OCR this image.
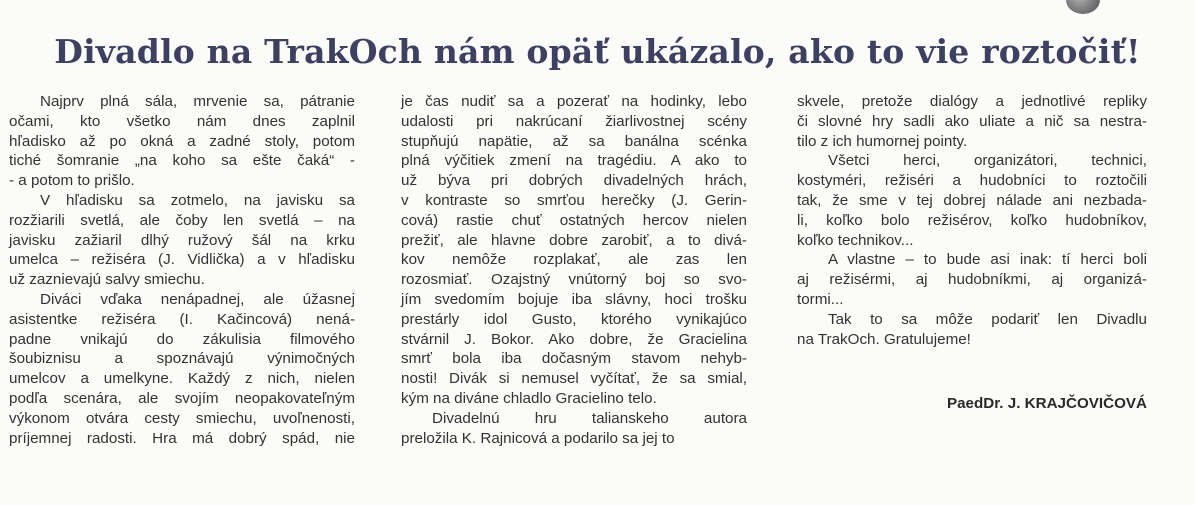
Divadlo na TrakOch nám opäť ukázalo, ako to vie roztočiť!
Najprv plná sála, mrvenie sa, pátranie
očami, kto všetko nám dnes zaplnil
hľadisko až po okná a zadné stoly, potom
tiché šomranie „na koho sa ešte čaká“ -
- a potom to prišlo.
V hľadisku sa zotmelo, na javisku sa
rozžiarili svetlá, ale čoby len svetlá – na
javisku zažiaril dlhý ružový šál na krku
umelca – režiséra (J. Vidlička) a v hľadisku
už zaznievajú salvy smiechu.
Diváci vďaka nenápadnej, ale úžasnej
asistentke režiséra (I. Kačincová) nená-
padne vnikajú do zákulisia filmového
šoubiznisu a spoznávajú výnimočných
umelcov a umelkyne. Každý z nich, nielen
podľa scenára, ale svojím neopakovateľným
výkonom otvára cesty smiechu, uvoľnenosti,
príjemnej radosti. Hra má dobrý spád, nie
je čas nudiť sa a pozerať na hodinky, lebo
udalosti pri nakrúcaní žiarlivostnej scény
stupňujú napätie, až sa banálna scénka
plná výčitiek zmení na tragédiu. A ako to
už býva pri dobrých divadelných hrách,
v kontraste so smrťou herečky (J. Gerin-
cová) rastie chuť ostatných hercov nielen
prežiť, ale hlavne dobre zarobiť, a to divá-
kov nemôže rozplakať, ale zas len
rozosmiať. Ozajstný vnútorný boj so svo-
jím svedomím bojuje iba slávny, hoci trošku
prestárly idol Gusto, ktorého vynikajúco
stvárnil J. Bokor. Ako dobre, že Gracielina
smrť bola iba dočasným stavom nehyb-
nosti! Divák si nemusel vyčítať, že sa smial,
kým na diváne chladlo Gracielino telo.
Divadelnú hru talianskeho autora
preložila K. Rajnicová a podarilo sa jej to
skvele, pretože dialógy a jednotlivé repliky
či slovné hry sadli ako uliate a nič sa nestra-
tilo z ich humornej pointy.
Všetci herci, organizátori, technici,
kostyméri, režiséri a hudobníci to roztočili
tak, že sme v tej dobrej nálade ani nezbada-
li, koľko bolo režisérov, koľko hudobníkov,
koľko technikov...
A vlastne – to bude asi inak: tí herci boli
aj režisérmi, aj hudobníkmi, aj organizá-
tormi...
Tak to sa môže podariť len Divadlu
na TrakOch. Gratulujeme!
PaedDr. J. KRAJČOVIČOVÁ
